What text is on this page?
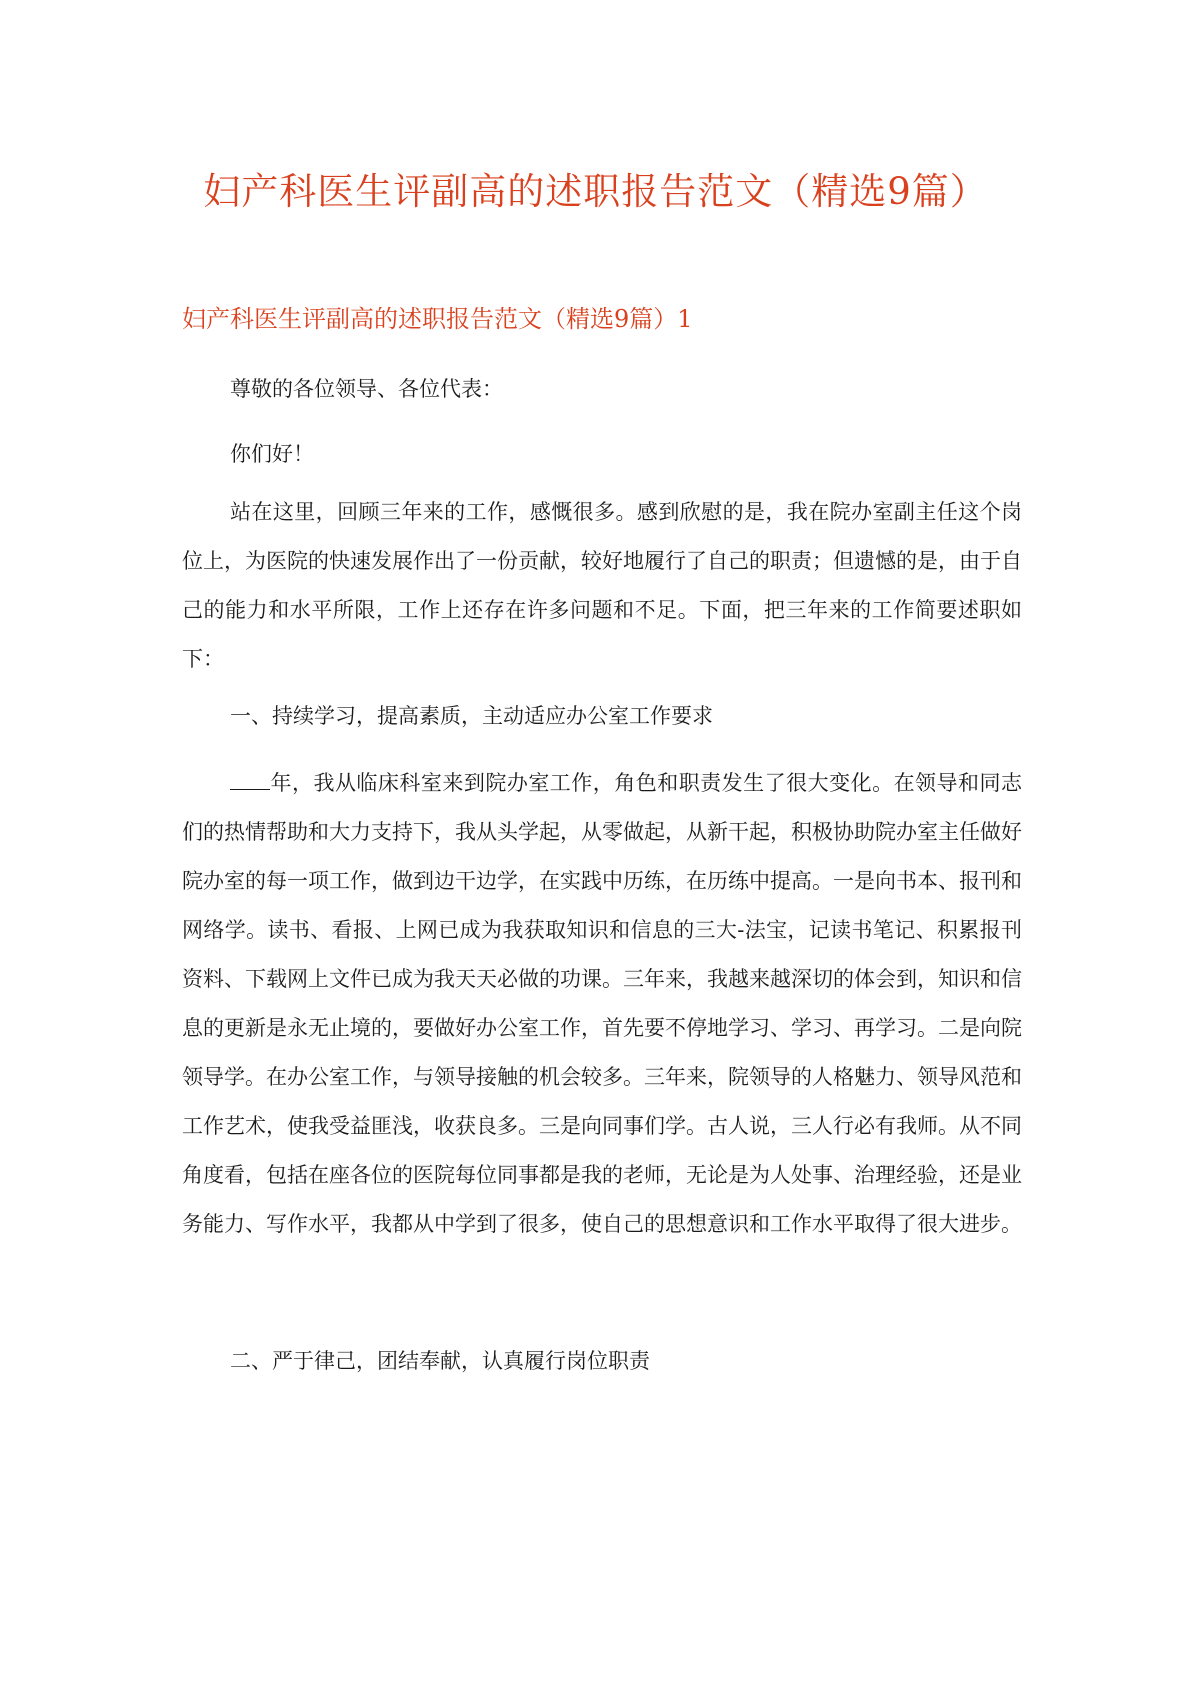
妇产科医生评副高的述职报告范文（精选9篇）
妇产科医生评副高的述职报告范文（精选9篇）1

尊敬的各位领导、各位代表：

你们好！

站在这里，回顾三年来的工作，感慨很多。感到欣慰的是，我在院办室副主任这个岗位上，为医院的快速发展作出了一份贡献，较好地履行了自己的职责；但遗憾的是，由于自己的能力和水平所限，工作上还存在许多问题和不足。下面，把三年来的工作简要述职如下：

一、持续学习，提高素质，主动适应办公室工作要求

年，我从临床科室来到院办室工作，角色和职责发生了很大变化。在领导和同志们的热情帮助和大力支持下，我从头学起，从零做起，从新干起，积极协助院办室主任做好院办室的每一项工作，做到边干边学，在实践中历练，在历练中提高。一是向书本、报刊和网络学。读书、看报、上网已成为我获取知识和信息的三大-法宝，记读书笔记、积累报刊资料、下载网上文件已成为我天天必做的功课。三年来，我越来越深切的体会到，知识和信息的更新是永无止境的，要做好办公室工作，首先要不停地学习、学习、再学习。二是向院领导学。在办公室工作，与领导接触的机会较多。三年来，院领导的人格魅力、领导风范和工作艺术，使我受益匪浅，收获良多。三是向同事们学。古人说，三人行必有我师。从不同角度看，包括在座各位的医院每位同事都是我的老师，无论是为人处事、治理经验，还是业务能力、写作水平，我都从中学到了很多，使自己的思想意识和工作水平取得了很大进步。

二、严于律己，团结奉献，认真履行岗位职责
